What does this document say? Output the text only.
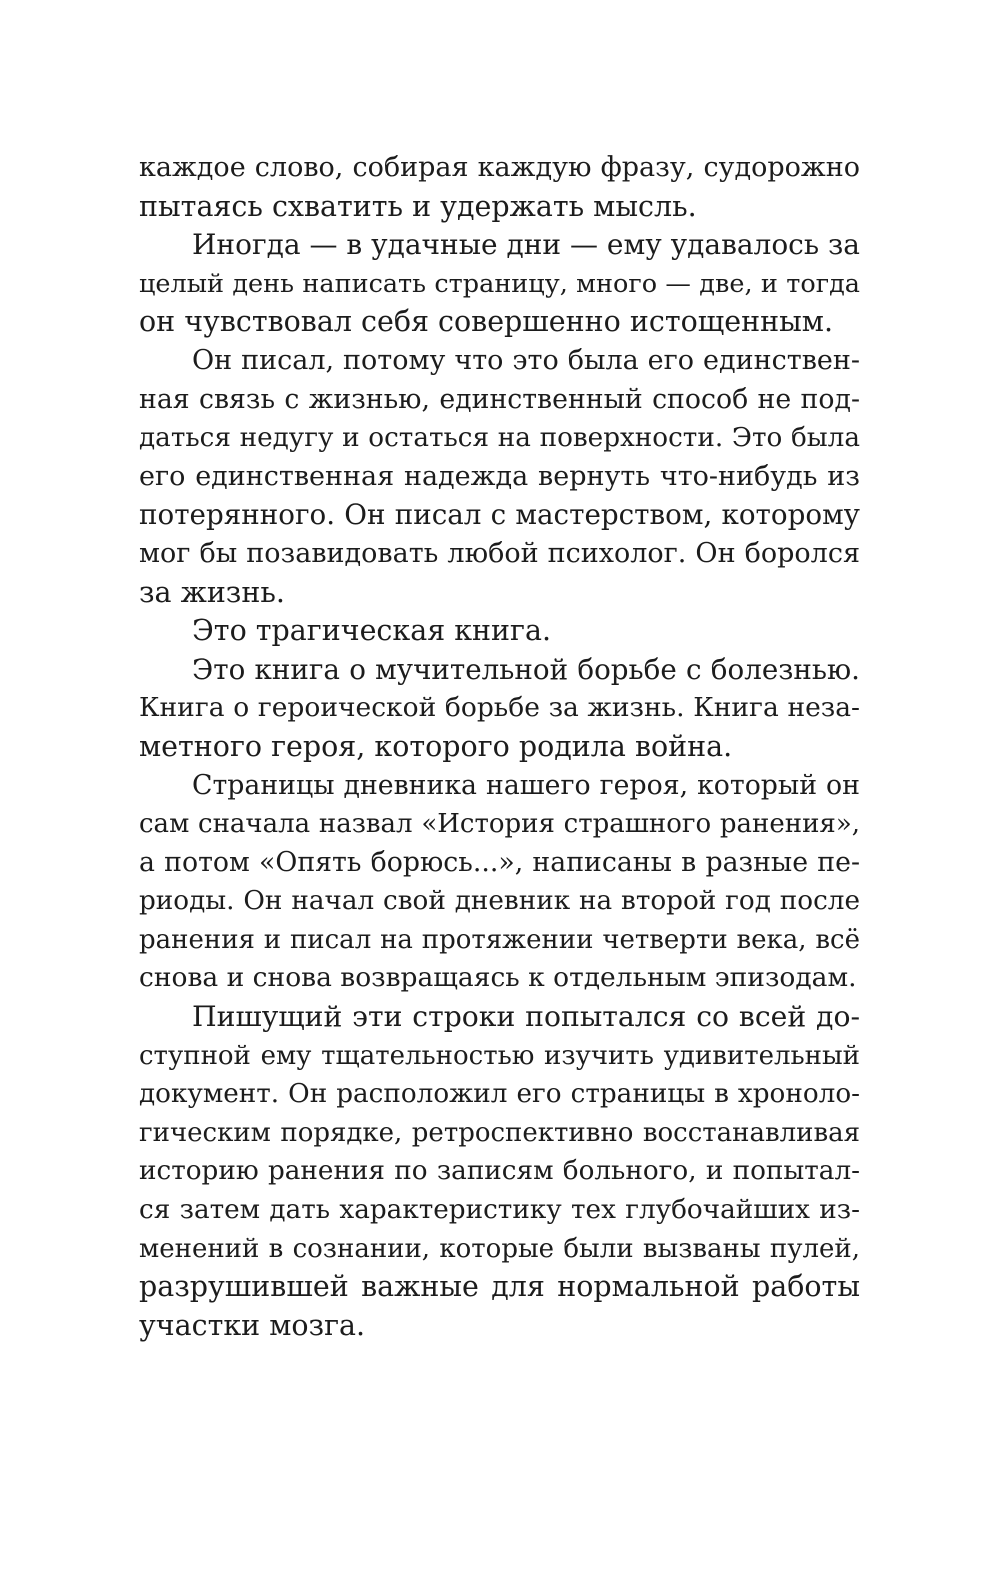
каждое слово, собирая каждую фразу, судорожно
пытаясь схватить и удержать мысль.
Иногда — в удачные дни — ему удавалось за
целый день написать страницу, много — две, и тогда
он чувствовал себя совершенно истощенным.
Он писал, потому что это была его единствен-
ная связь с жизнью, единственный способ не под-
даться недугу и остаться на поверхности. Это была
его единственная надежда вернуть что-нибудь из
потерянного. Он писал с мастерством, которому
мог бы позавидовать любой психолог. Он боролся
за жизнь.
Это трагическая книга.
Это книга о мучительной борьбе с болезнью.
Книга о героической борьбе за жизнь. Книга неза-
метного героя, которого родила война.
Страницы дневника нашего героя, который он
сам сначала назвал «История страшного ранения»,
а потом «Опять борюсь...», написаны в разные пе-
риоды. Он начал свой дневник на второй год после
ранения и писал на протяжении четверти века, всё
снова и снова возвращаясь к отдельным эпизодам.
Пишущий эти строки попытался со всей до-
ступной ему тщательностью изучить удивительный
документ. Он расположил его страницы в хроноло-
гическим порядке, ретроспективно восстанавливая
историю ранения по записям больного, и попытал-
ся затем дать характеристику тех глубочайших из-
менений в сознании, которые были вызваны пулей,
разрушившей важные для нормальной работы
участки мозга.
